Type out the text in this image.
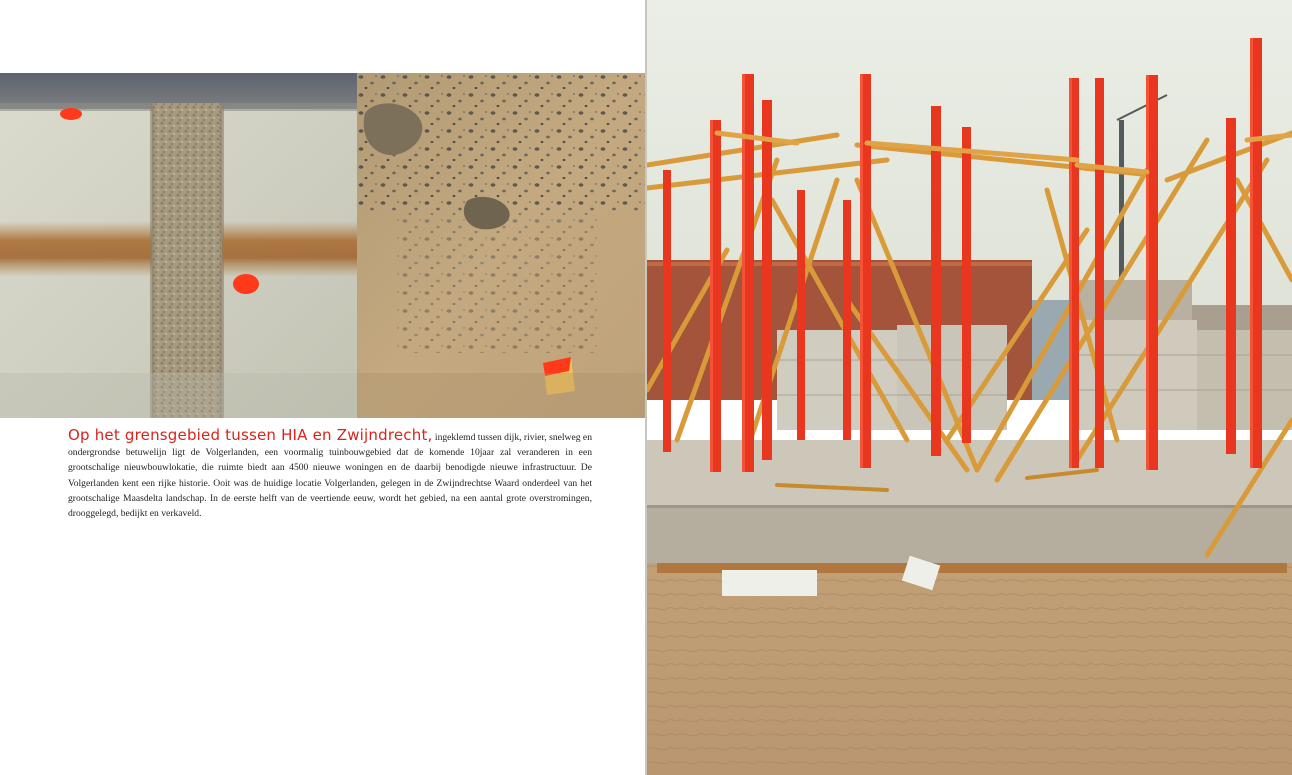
Op het grensgebied tussen HIA en Zwijndrecht, ingeklemd tussen dijk, rivier, snelweg en ondergrondse betuwelijn ligt de Volgerlanden, een voormalig tuinbouwgebied dat de komende 10jaar zal veranderen in een grootschalige nieuwbouwlokatie, die ruimte biedt aan 4500 nieuwe woningen en de daarbij benodigde nieuwe infrastructuur. De Volgerlanden kent een rijke historie. Ooit was de huidige locatie Volgerlanden, gelegen in de Zwijndrechtse Waard onderdeel van het grootschalige Maasdelta landschap. In de eerste helft van de veertiende eeuw, wordt het gebied, na een aantal grote overstromingen, drooggelegd, bedijkt en verkaveld.
